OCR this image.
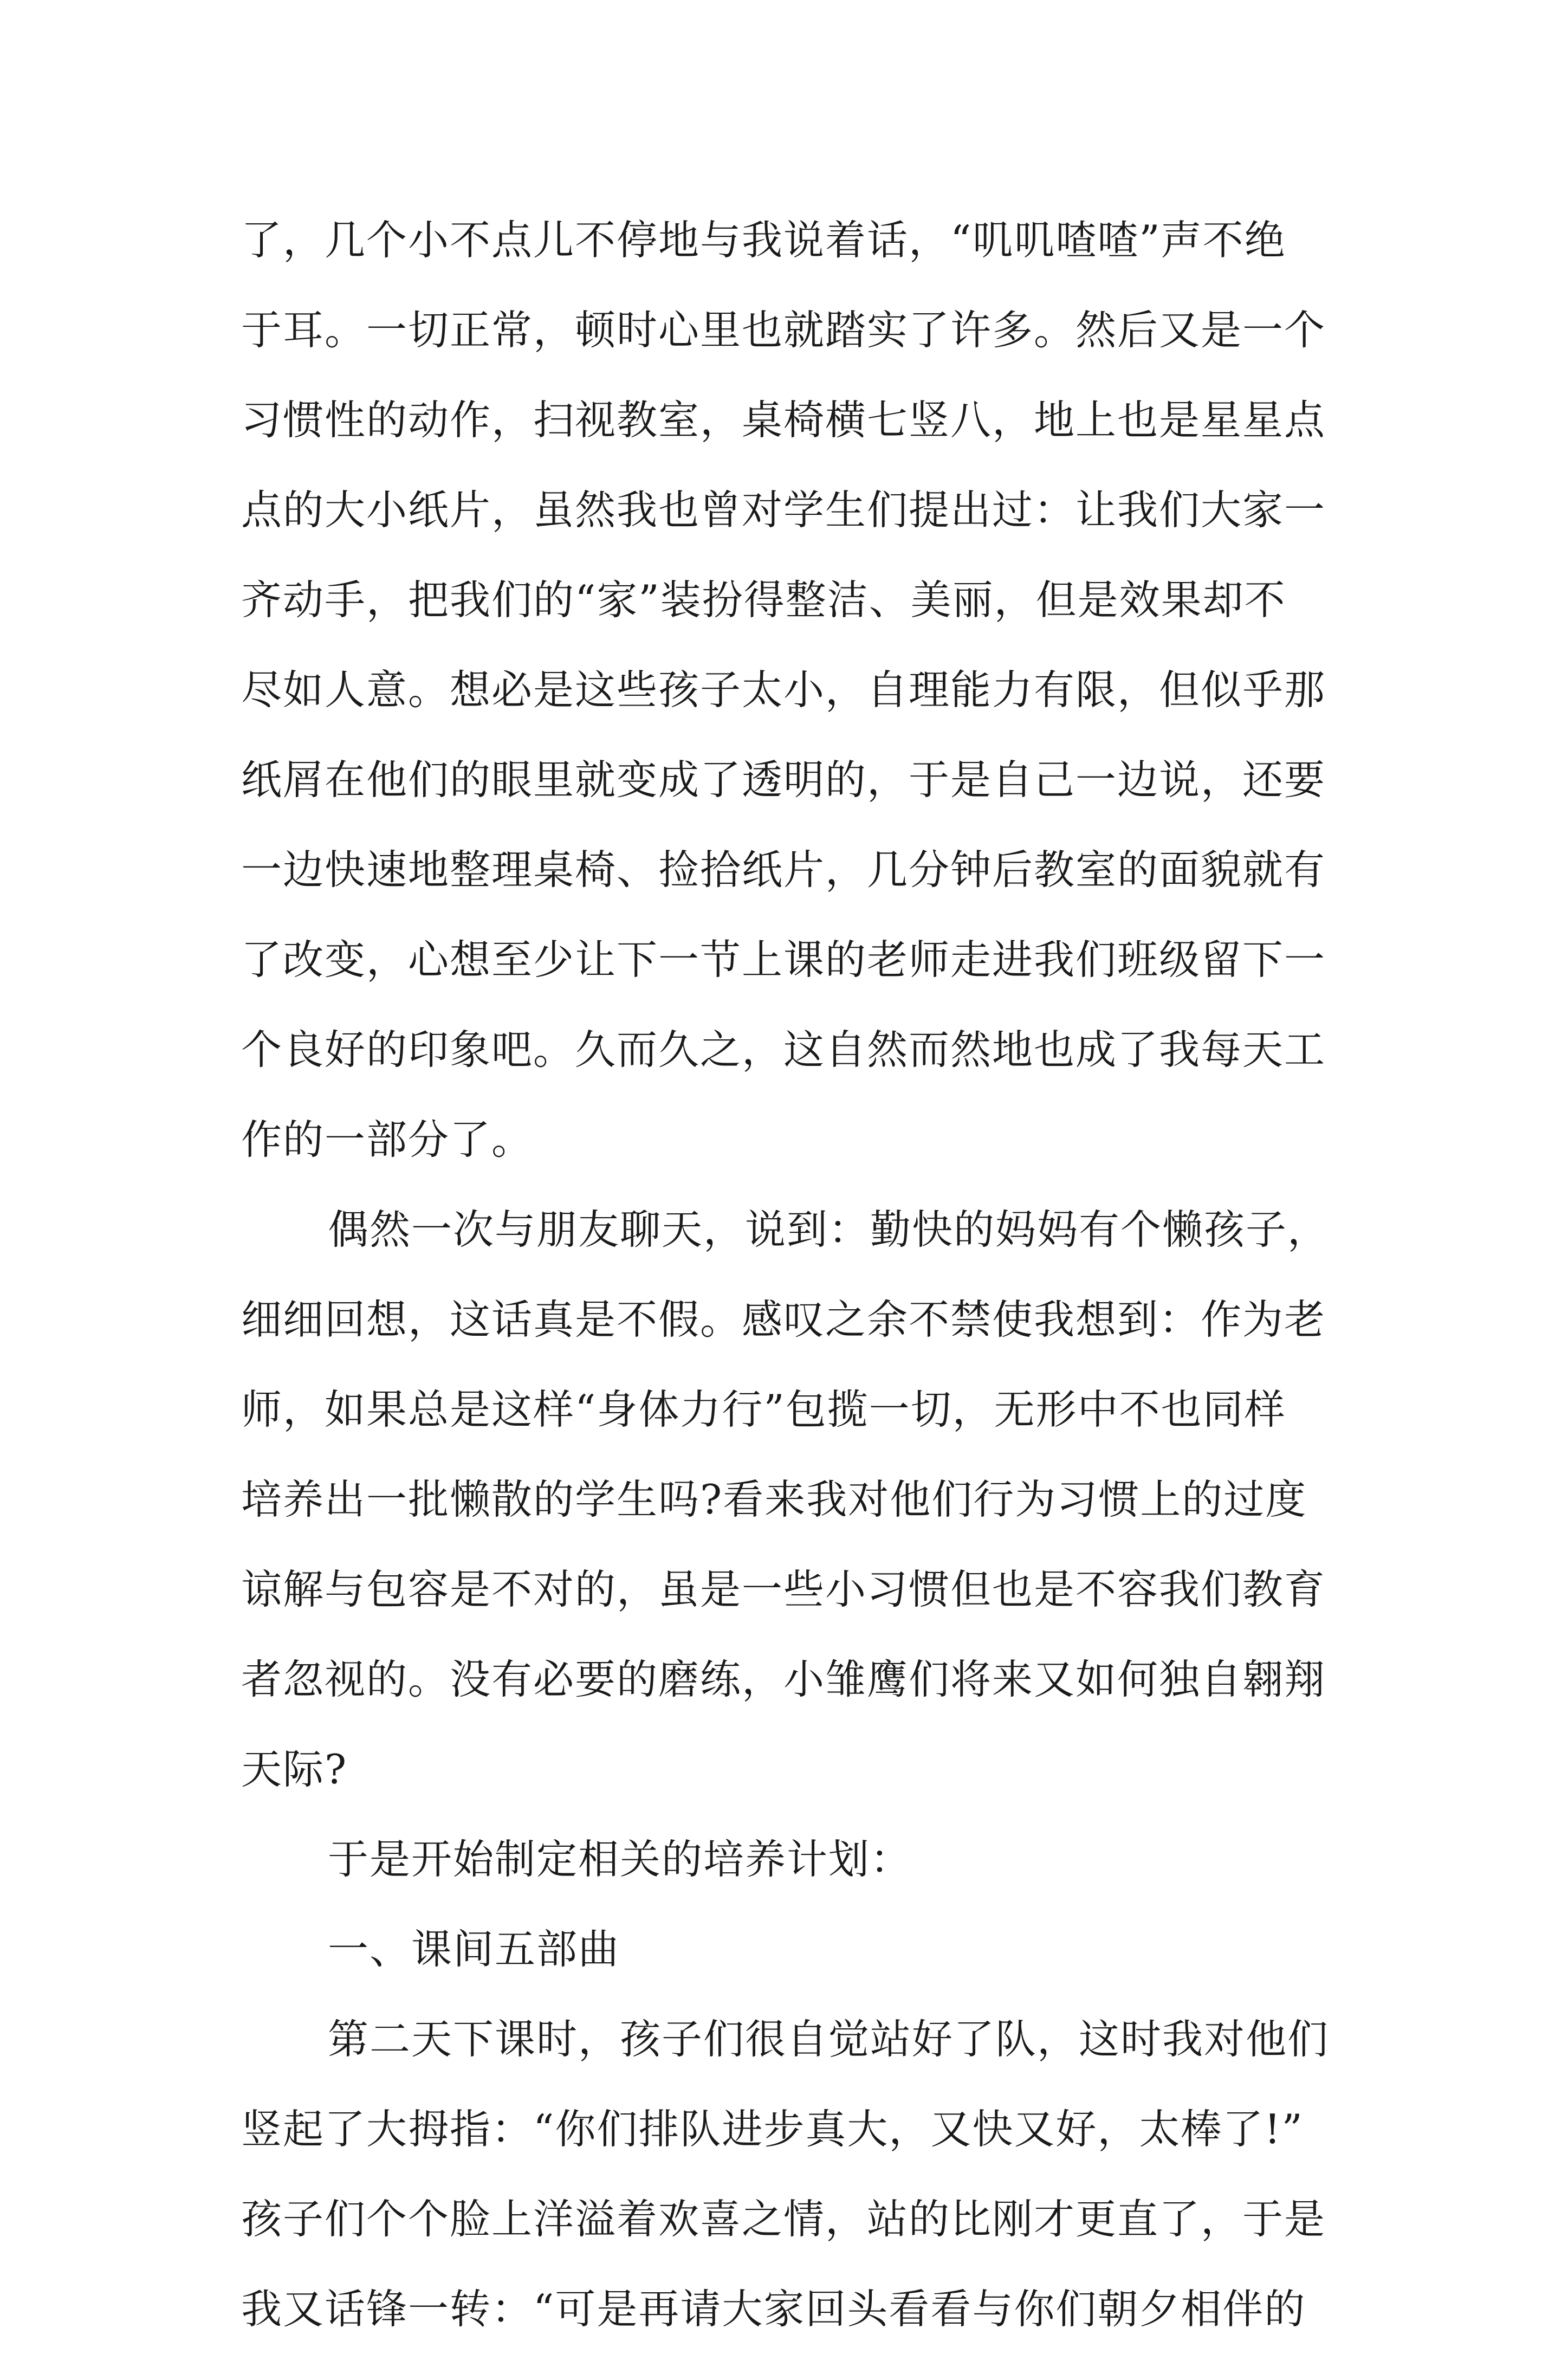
了，几个小不点儿不停地与我说着话，“叽叽喳喳”声不绝
于耳。一切正常，顿时心里也就踏实了许多。然后又是一个
习惯性的动作，扫视教室，桌椅横七竖八，地上也是星星点
点的大小纸片，虽然我也曾对学生们提出过：让我们大家一
齐动手，把我们的“家”装扮得整洁、美丽，但是效果却不
尽如人意。想必是这些孩子太小，自理能力有限，但似乎那
纸屑在他们的眼里就变成了透明的，于是自己一边说，还要
一边快速地整理桌椅、捡拾纸片，几分钟后教室的面貌就有
了改变，心想至少让下一节上课的老师走进我们班级留下一
个良好的印象吧。久而久之，这自然而然地也成了我每天工
作的一部分了。
偶然一次与朋友聊天，说到：勤快的妈妈有个懒孩子，
细细回想，这话真是不假。感叹之余不禁使我想到：作为老
师，如果总是这样“身体力行”包揽一切，无形中不也同样
培养出一批懒散的学生吗?看来我对他们行为习惯上的过度
谅解与包容是不对的，虽是一些小习惯但也是不容我们教育
者忽视的。没有必要的磨练，小雏鹰们将来又如何独自翱翔
天际?
于是开始制定相关的培养计划：
一、课间五部曲
第二天下课时，孩子们很自觉站好了队，这时我对他们
竖起了大拇指：“你们排队进步真大，又快又好，太棒了!”
孩子们个个脸上洋溢着欢喜之情，站的比刚才更直了，于是
我又话锋一转：“可是再请大家回头看看与你们朝夕相伴的
